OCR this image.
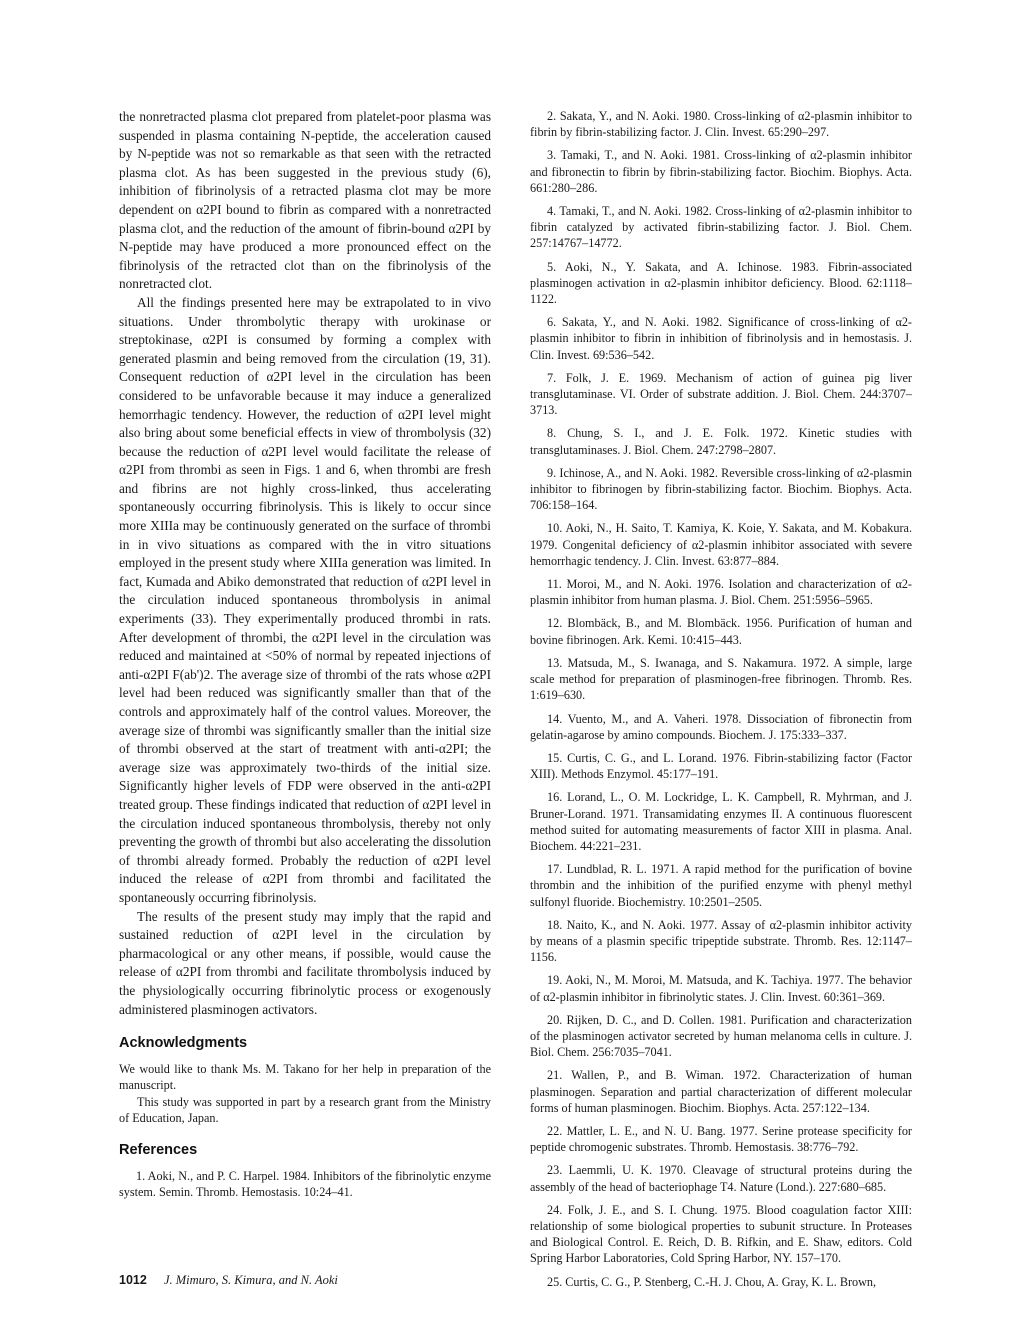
the nonretracted plasma clot prepared from platelet-poor plasma was suspended in plasma containing N-peptide, the acceleration caused by N-peptide was not so remarkable as that seen with the retracted plasma clot. As has been suggested in the previous study (6), inhibition of fibrinolysis of a retracted plasma clot may be more dependent on α2PI bound to fibrin as compared with a nonretracted plasma clot, and the reduction of the amount of fibrin-bound α2PI by N-peptide may have produced a more pronounced effect on the fibrinolysis of the retracted clot than on the fibrinolysis of the nonretracted clot.

All the findings presented here may be extrapolated to in vivo situations. Under thrombolytic therapy with urokinase or streptokinase, α2PI is consumed by forming a complex with generated plasmin and being removed from the circulation (19, 31). Consequent reduction of α2PI level in the circulation has been considered to be unfavorable because it may induce a generalized hemorrhagic tendency. However, the reduction of α2PI level might also bring about some beneficial effects in view of thrombolysis (32) because the reduction of α2PI level would facilitate the release of α2PI from thrombi as seen in Figs. 1 and 6, when thrombi are fresh and fibrins are not highly cross-linked, thus accelerating spontaneously occurring fibrinolysis. This is likely to occur since more XIIIa may be continuously generated on the surface of thrombi in in vivo situations as compared with the in vitro situations employed in the present study where XIIIa generation was limited. In fact, Kumada and Abiko demonstrated that reduction of α2PI level in the circulation induced spontaneous thrombolysis in animal experiments (33). They experimentally produced thrombi in rats. After development of thrombi, the α2PI level in the circulation was reduced and maintained at <50% of normal by repeated injections of anti-α2PI F(ab')2. The average size of thrombi of the rats whose α2PI level had been reduced was significantly smaller than that of the controls and approximately half of the control values. Moreover, the average size of thrombi was significantly smaller than the initial size of thrombi observed at the start of treatment with anti-α2PI; the average size was approximately two-thirds of the initial size. Significantly higher levels of FDP were observed in the anti-α2PI treated group. These findings indicated that reduction of α2PI level in the circulation induced spontaneous thrombolysis, thereby not only preventing the growth of thrombi but also accelerating the dissolution of thrombi already formed. Probably the reduction of α2PI level induced the release of α2PI from thrombi and facilitated the spontaneously occurring fibrinolysis.

The results of the present study may imply that the rapid and sustained reduction of α2PI level in the circulation by pharmacological or any other means, if possible, would cause the release of α2PI from thrombi and facilitate thrombolysis induced by the physiologically occurring fibrinolytic process or exogenously administered plasminogen activators.

Acknowledgments

We would like to thank Ms. M. Takano for her help in preparation of the manuscript.

This study was supported in part by a research grant from the Ministry of Education, Japan.

References

1. Aoki, N., and P. C. Harpel. 1984. Inhibitors of the fibrinolytic enzyme system. Semin. Thromb. Hemostasis. 10:24–41.

2. Sakata, Y., and N. Aoki. 1980. Cross-linking of α2-plasmin inhibitor to fibrin by fibrin-stabilizing factor. J. Clin. Invest. 65:290–297.

3. Tamaki, T., and N. Aoki. 1981. Cross-linking of α2-plasmin inhibitor and fibronectin to fibrin by fibrin-stabilizing factor. Biochim. Biophys. Acta. 661:280–286.

4. Tamaki, T., and N. Aoki. 1982. Cross-linking of α2-plasmin inhibitor to fibrin catalyzed by activated fibrin-stabilizing factor. J. Biol. Chem. 257:14767–14772.

5. Aoki, N., Y. Sakata, and A. Ichinose. 1983. Fibrin-associated plasminogen activation in α2-plasmin inhibitor deficiency. Blood. 62:1118–1122.

6. Sakata, Y., and N. Aoki. 1982. Significance of cross-linking of α2-plasmin inhibitor to fibrin in inhibition of fibrinolysis and in hemostasis. J. Clin. Invest. 69:536–542.

7. Folk, J. E. 1969. Mechanism of action of guinea pig liver transglutaminase. VI. Order of substrate addition. J. Biol. Chem. 244:3707–3713.

8. Chung, S. I., and J. E. Folk. 1972. Kinetic studies with transglutaminases. J. Biol. Chem. 247:2798–2807.

9. Ichinose, A., and N. Aoki. 1982. Reversible cross-linking of α2-plasmin inhibitor to fibrinogen by fibrin-stabilizing factor. Biochim. Biophys. Acta. 706:158–164.

10. Aoki, N., H. Saito, T. Kamiya, K. Koie, Y. Sakata, and M. Kobakura. 1979. Congenital deficiency of α2-plasmin inhibitor associated with severe hemorrhagic tendency. J. Clin. Invest. 63:877–884.

11. Moroi, M., and N. Aoki. 1976. Isolation and characterization of α2-plasmin inhibitor from human plasma. J. Biol. Chem. 251:5956–5965.

12. Blombäck, B., and M. Blombäck. 1956. Purification of human and bovine fibrinogen. Ark. Kemi. 10:415–443.

13. Matsuda, M., S. Iwanaga, and S. Nakamura. 1972. A simple, large scale method for preparation of plasminogen-free fibrinogen. Thromb. Res. 1:619–630.

14. Vuento, M., and A. Vaheri. 1978. Dissociation of fibronectin from gelatin-agarose by amino compounds. Biochem. J. 175:333–337.

15. Curtis, C. G., and L. Lorand. 1976. Fibrin-stabilizing factor (Factor XIII). Methods Enzymol. 45:177–191.

16. Lorand, L., O. M. Lockridge, L. K. Campbell, R. Myhrman, and J. Bruner-Lorand. 1971. Transamidating enzymes II. A continuous fluorescent method suited for automating measurements of factor XIII in plasma. Anal. Biochem. 44:221–231.

17. Lundblad, R. L. 1971. A rapid method for the purification of bovine thrombin and the inhibition of the purified enzyme with phenyl methyl sulfonyl fluoride. Biochemistry. 10:2501–2505.

18. Naito, K., and N. Aoki. 1977. Assay of α2-plasmin inhibitor activity by means of a plasmin specific tripeptide substrate. Thromb. Res. 12:1147–1156.

19. Aoki, N., M. Moroi, M. Matsuda, and K. Tachiya. 1977. The behavior of α2-plasmin inhibitor in fibrinolytic states. J. Clin. Invest. 60:361–369.

20. Rijken, D. C., and D. Collen. 1981. Purification and characterization of the plasminogen activator secreted by human melanoma cells in culture. J. Biol. Chem. 256:7035–7041.

21. Wallen, P., and B. Wiman. 1972. Characterization of human plasminogen. Separation and partial characterization of different molecular forms of human plasminogen. Biochim. Biophys. Acta. 257:122–134.

22. Mattler, L. E., and N. U. Bang. 1977. Serine protease specificity for peptide chromogenic substrates. Thromb. Hemostasis. 38:776–792.

23. Laemmli, U. K. 1970. Cleavage of structural proteins during the assembly of the head of bacteriophage T4. Nature (Lond.). 227:680–685.

24. Folk, J. E., and S. I. Chung. 1975. Blood coagulation factor XIII: relationship of some biological properties to subunit structure. In Proteases and Biological Control. E. Reich, D. B. Rifkin, and E. Shaw, editors. Cold Spring Harbor Laboratories, Cold Spring Harbor, NY. 157–170.

25. Curtis, C. G., P. Stenberg, C.-H. J. Chou, A. Gray, K. L. Brown,

1012 J. Mimuro, S. Kimura, and N. Aoki
